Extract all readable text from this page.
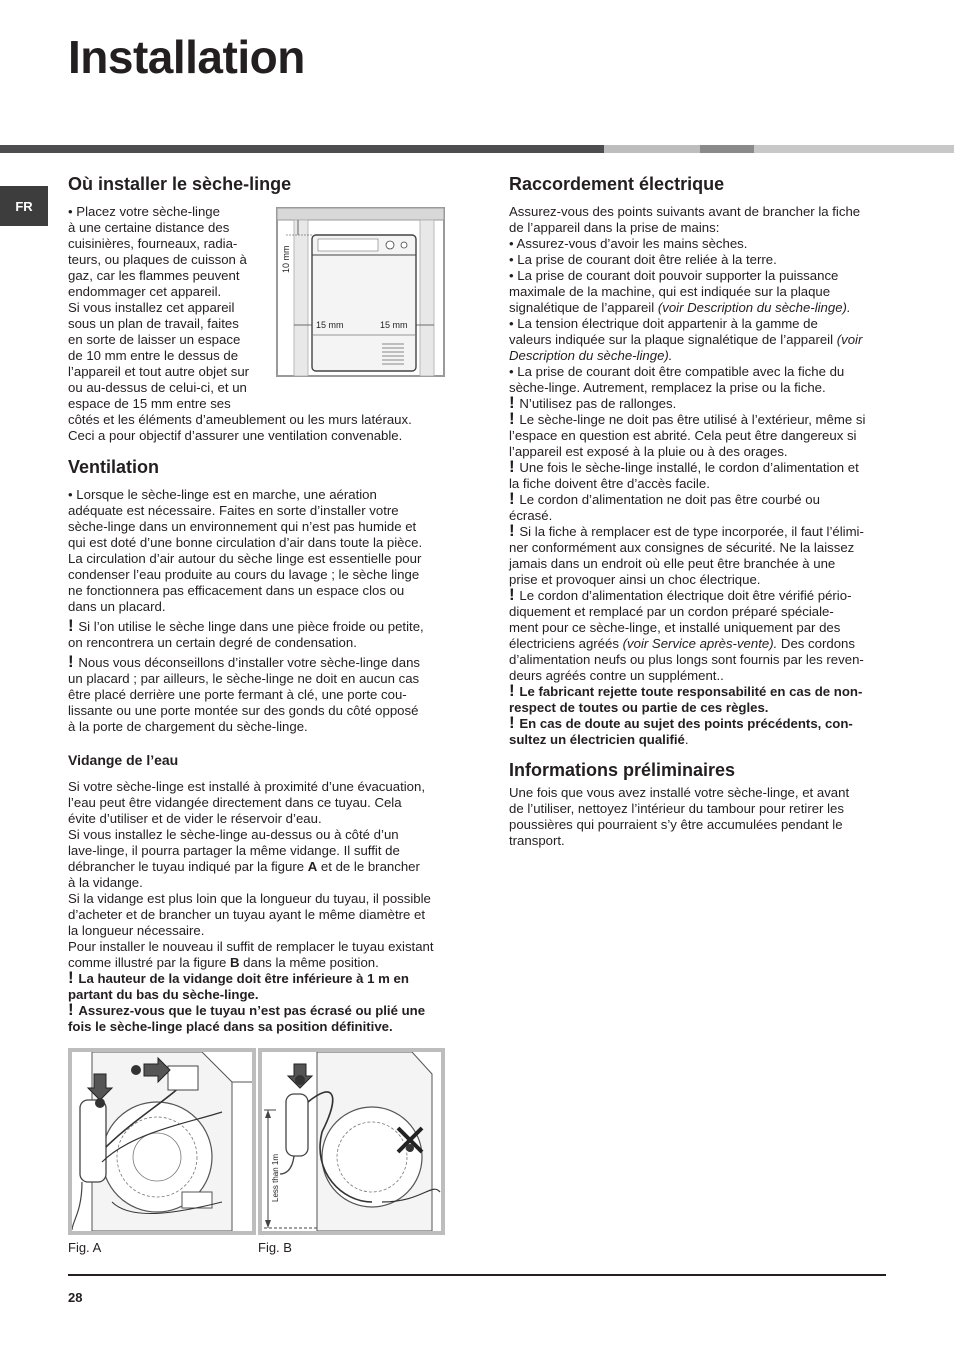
Installation
FR
Où installer le sèche-linge

• Placez votre sèche-linge

à une certaine distance des

cuisinières, fourneaux, radia-

teurs, ou plaques de cuisson à

gaz, car les flammes peuvent

endommager cet appareil.

Si vous installez cet appareil

sous un plan de travail, faites

en sorte de laisser un espace

de 10 mm entre le dessus de

l’appareil et tout autre objet sur

ou au-dessus de celui-ci, et un

espace de 15 mm entre ses

côtés et les éléments d’ameublement ou les murs latéraux.

Ceci a pour objectif d’assurer une ventilation convenable.

Ventilation

• Lorsque le sèche-linge est en marche, une aération

adéquate est nécessaire. Faites en sorte d’installer votre

sèche-linge dans un environnement qui n’est pas humide et

qui est doté d’une bonne circulation d’air dans toute la pièce.

La circulation d’air autour du sèche linge est essentielle pour

condenser l’eau produite au cours du lavage ; le sèche linge

ne fonctionnera pas efficacement dans un espace clos ou

dans un placard.

! Si l’on utilise le sèche linge dans une pièce froide ou petite,

on rencontrera un certain degré de condensation.

! Nous vous déconseillons d’installer votre sèche-linge dans

un placard ; par ailleurs, le sèche-linge ne doit en aucun cas

être placé derrière une porte fermant à clé, une porte cou-

lissante ou une porte montée sur des gonds du côté opposé

à la porte de chargement du sèche-linge.

Vidange de l’eau

Si votre sèche-linge est installé à proximité d’une évacuation,

l’eau peut être vidangée directement dans ce tuyau. Cela

évite d’utiliser et de vider le réservoir d’eau.

Si vous installez le sèche-linge au-dessus ou à côté d’un

lave-linge, il pourra partager la même vidange. Il suffit de

débrancher le tuyau indiqué par la figure A et de le brancher

à la vidange.

Si la vidange est plus loin que la longueur du tuyau, il possible

d’acheter et de brancher un tuyau ayant le même diamètre et

la longueur nécessaire.

Pour installer le nouveau il suffit de remplacer le tuyau existant

comme illustré par la figure B dans la même position.

! La hauteur de la vidange doit être inférieure à 1 m en

partant du bas du sèche-linge.

! Assurez-vous que le tuyau n’est pas écrasé ou plié une

fois le sèche-linge placé dans sa position définitive.

10 mm
15 mm	15 mm
Fig. A
Less than 1m
Fig. B
Raccordement électrique

Assurez-vous des points suivants avant de brancher la fiche

de l’appareil dans la prise de mains:

• Assurez-vous d’avoir les mains sèches.

• La prise de courant doit être reliée à la terre.

• La prise de courant doit pouvoir supporter la puissance

maximale de la machine, qui est indiquée sur la plaque

signalétique de l’appareil (voir Description du sèche-linge).

• La tension électrique doit appartenir à la gamme de

valeurs indiquée sur la plaque signalétique de l’appareil (voir

Description du sèche-linge).

• La prise de courant doit être compatible avec la fiche du

sèche-linge. Autrement, remplacez la prise ou la fiche.

! N’utilisez pas de rallonges.

! Le sèche-linge ne doit pas être utilisé à l’extérieur, même si

l’espace en question est abrité. Cela peut être dangereux si

l’appareil est exposé à la pluie ou à des orages.

! Une fois le sèche-linge installé, le cordon d’alimentation et

la fiche doivent être d’accès facile.

! Le cordon d’alimentation ne doit pas être courbé ou

écrasé.

! Si la fiche à remplacer est de type incorporée, il faut l’élimi-

ner conformément aux consignes de sécurité. Ne la laissez

jamais dans un endroit où elle peut être branchée à une

prise et provoquer ainsi un choc électrique.

! Le cordon d’alimentation électrique doit être vérifié pério-

diquement et remplacé par un cordon préparé spéciale-

ment pour ce sèche-linge, et installé uniquement par des

électriciens agréés (voir Service après-vente). Des cordons

d’alimentation neufs ou plus longs sont fournis par les reven-

deurs agréés contre un supplément..

! Le fabricant rejette toute responsabilité en cas de non-

respect de toutes ou partie de ces règles.

! En cas de doute au sujet des points précédents, con-

sultez un électricien qualifié.

Informations préliminaires

Une fois que vous avez installé votre sèche-linge, et avant

de l’utiliser, nettoyez l’intérieur du tambour pour retirer les

poussières qui pourraient s’y être accumulées pendant le

transport.

28
